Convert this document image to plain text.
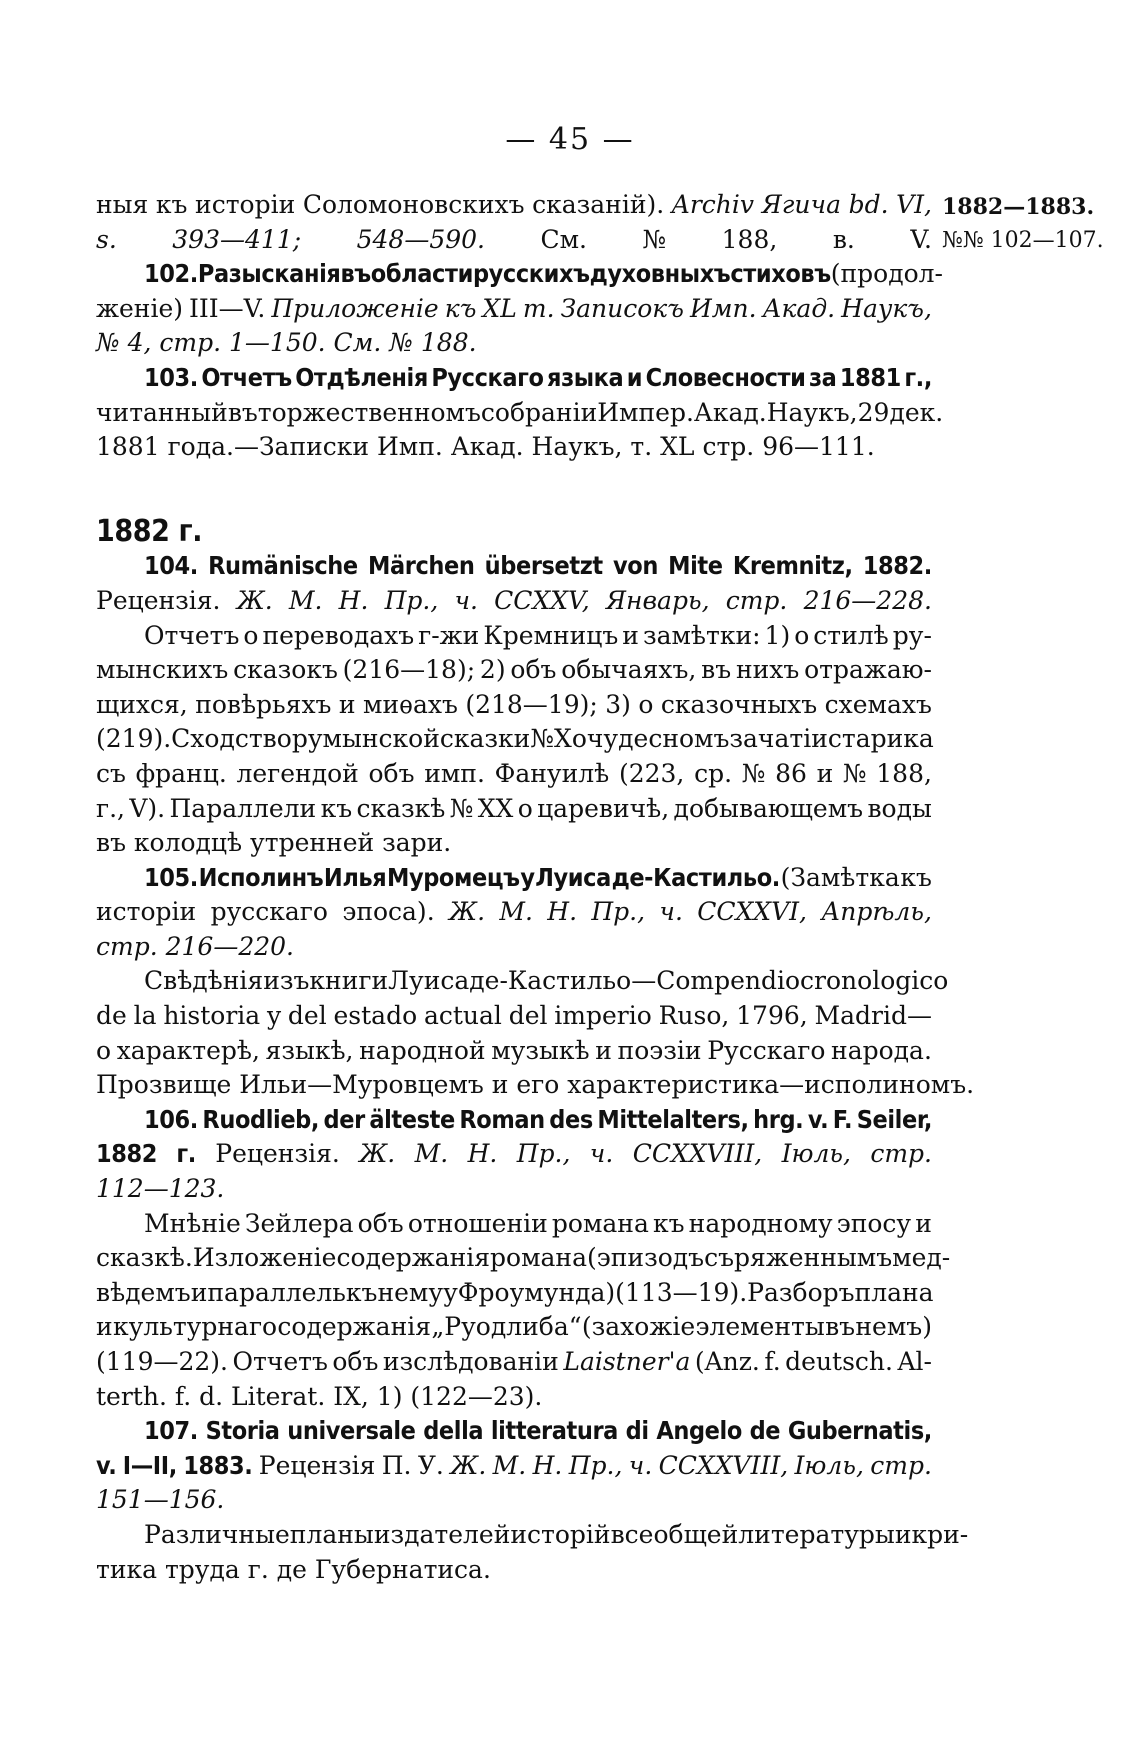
— 45 —
1882—1883.
№№ 102—107.
ныя къ исторіи Соломоновскихъ сказаній). Archiv Ягича bd. VI,
s. 393—411; 548—590. См. № 188, в. V.
102. Разысканія въ области русскихъ духовныхъ стиховъ (продол-
женіе) III—V. Приложеніе къ XL т. Записокъ Имп. Акад. Наукъ,
№ 4, стр. 1—150. См. № 188.
103. Отчетъ Отдѣленія Русскаго языка и Словесности за 1881 г.,
читанный въ торжественномъ собраніи Импер. Акад. Наукъ, 29 дек.
1881 года.—Записки Имп. Акад. Наукъ, т. XL стр. 96—111.
1882 г.
104. Rumänische Märchen übersetzt von Mite Kremnitz, 1882.
Рецензія. Ж. М. Н. Пр., ч. CCXXV, Январь, стр. 216—228.
Отчетъ о переводахъ г-жи Кремницъ и замѣтки: 1) о стилѣ ру-
мынскихъ сказокъ (216—18); 2) объ обычаяхъ, въ нихъ отражаю-
щихся, повѣрьяхъ и миѳахъ (218—19); 3) о сказочныхъ схемахъ
(219). Сходство румынской сказки № X о чудесномъ зачатіи старика
съ франц. легендой объ имп. Фануилѣ (223, ср. № 86 и № 188,
г., V). Параллели къ сказкѣ № XX о царевичѣ, добывающемъ воды
въ колодцѣ утренней зари.
105. Исполинъ Илья Муромецъ у Луиса де-Кастильо. (Замѣтка къ
исторіи русскаго эпоса). Ж. М. Н. Пр., ч. CCXXVI, Апрѣль,
стр. 216—220.
Свѣдѣнія изъ книги Луиса де-Кастильо— Compendio cronologico
de la historia y del estado actual del imperio Ruso, 1796, Madrid—
о характерѣ, языкѣ, народной музыкѣ и поэзіи Русскаго народа.
Прозвище Ильи—Муровцемъ и его характеристика—исполиномъ.
106. Ruodlieb, der älteste Roman des Mittelalters, hrg. v. F. Seiler,
1882 г. Рецензія. Ж. М. Н. Пр., ч. CCXXVIII, Іюль, стр.
112—123.
Мнѣніе Зейлера объ отношеніи романа къ народному эпосу и
сказкѣ. Изложеніе содержанія романа (эпизодъ съ ряженнымъ мед-
вѣдемъ и параллель къ нему у Фроумунда) (113—19). Разборъ плана
и культурнаго содержанія „Руодлиба“ (захожіе элементы въ немъ)
(119—22). Отчетъ объ изслѣдованіи Laistner'a (Anz. f. deutsch. Al-
terth. f. d. Literat. IX, 1) (122—23).
107. Storia universale della litteratura di Angelo de Gubernatis,
v. I—II, 1883. Рецензія П. У. Ж. М. Н. Пр., ч. CCXXVIII, Іюль, стр.
151—156.
Различные планы издателей исторій всеобщей литературы и кри-
тика труда г. де Губернатиса.
